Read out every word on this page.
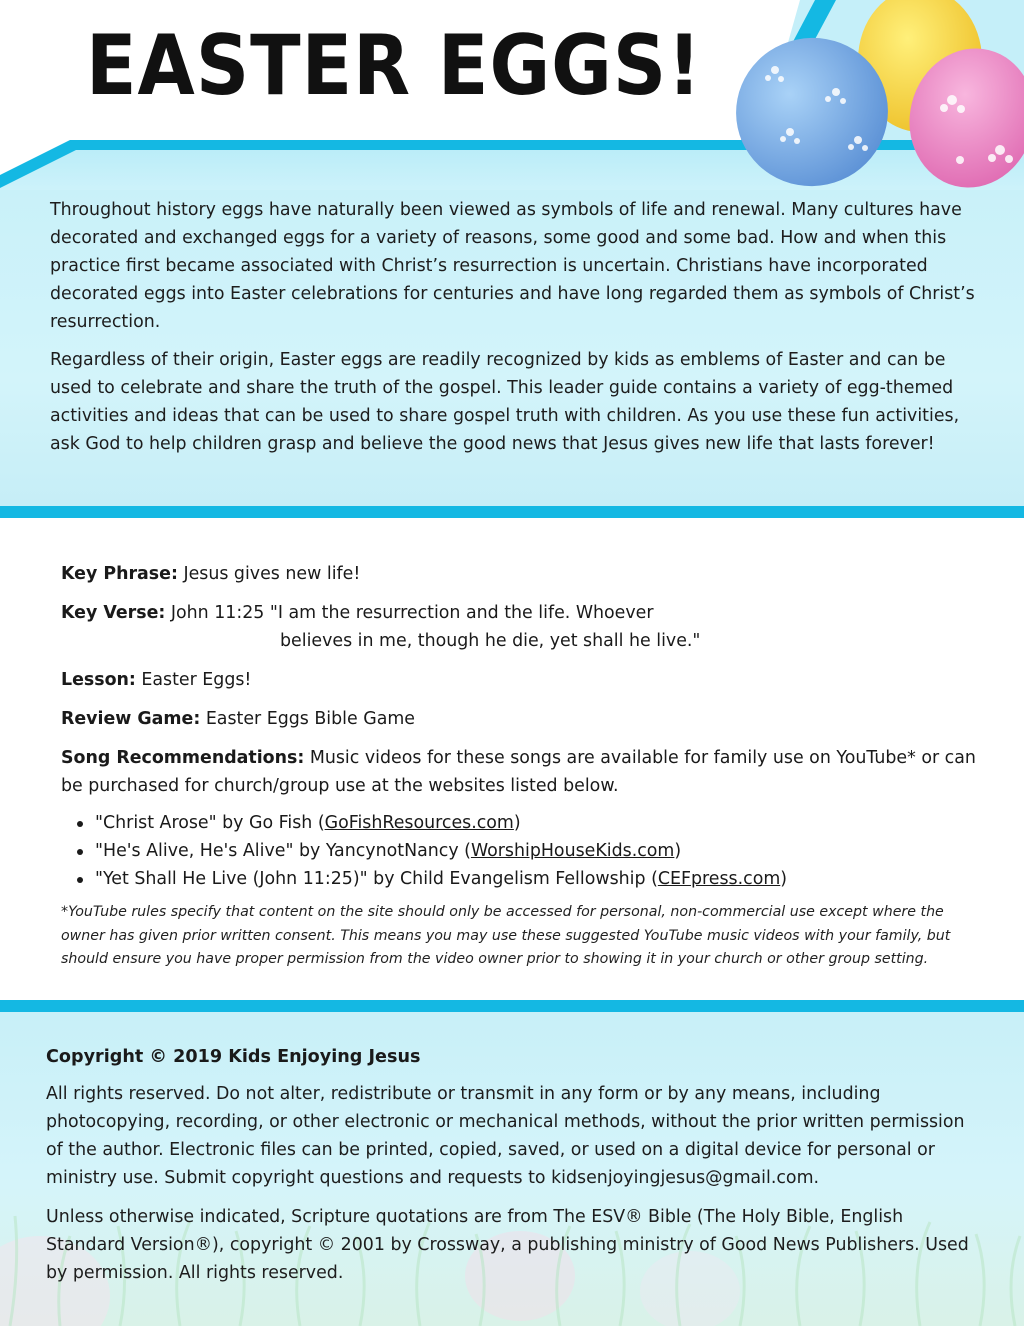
EASTER EGGS!

Throughout history eggs have naturally been viewed as symbols of life and renewal. Many cultures have decorated and exchanged eggs for a variety of reasons, some good and some bad. How and when this practice first became associated with Christ’s resurrection is uncertain. Christians have incorporated decorated eggs into Easter celebrations for centuries and have long regarded them as symbols of Christ’s resurrection.

Regardless of their origin, Easter eggs are readily recognized by kids as emblems of Easter and can be used to celebrate and share the truth of the gospel. This leader guide contains a variety of egg-themed activities and ideas that can be used to share gospel truth with children. As you use these fun activities, ask God to help children grasp and believe the good news that Jesus gives new life that lasts forever!

Key Phrase: Jesus gives new life!
Key Verse: John 11:25 "I am the resurrection and the life. Whoever
believes in me, though he die, yet shall he live."
Lesson: Easter Eggs!
Review Game: Easter Eggs Bible Game
Song Recommendations: Music videos for these songs are available for family use on YouTube* or can be purchased for church/group use at the websites listed below.
"Christ Arose" by Go Fish (GoFishResources.com)
"He's Alive, He's Alive" by YancynotNancy (WorshipHouseKids.com)
"Yet Shall He Live (John 11:25)" by Child Evangelism Fellowship (CEFpress.com)

*YouTube rules specify that content on the site should only be accessed for personal, non-commercial use except where the owner has given prior written consent. This means you may use these suggested YouTube music videos with your family, but should ensure you have proper permission from the video owner prior to showing it in your church or other group setting.

Copyright © 2019 Kids Enjoying Jesus

All rights reserved. Do not alter, redistribute or transmit in any form or by any means, including photocopying, recording, or other electronic or mechanical methods, without the prior written permission of the author. Electronic files can be printed, copied, saved, or used on a digital device for personal or ministry use. Submit copyright questions and requests to kidsenjoyingjesus@gmail.com.

Unless otherwise indicated, Scripture quotations are from The ESV® Bible (The Holy Bible, English Standard Version®), copyright © 2001 by Crossway, a publishing ministry of Good News Publishers. Used by permission. All rights reserved.
